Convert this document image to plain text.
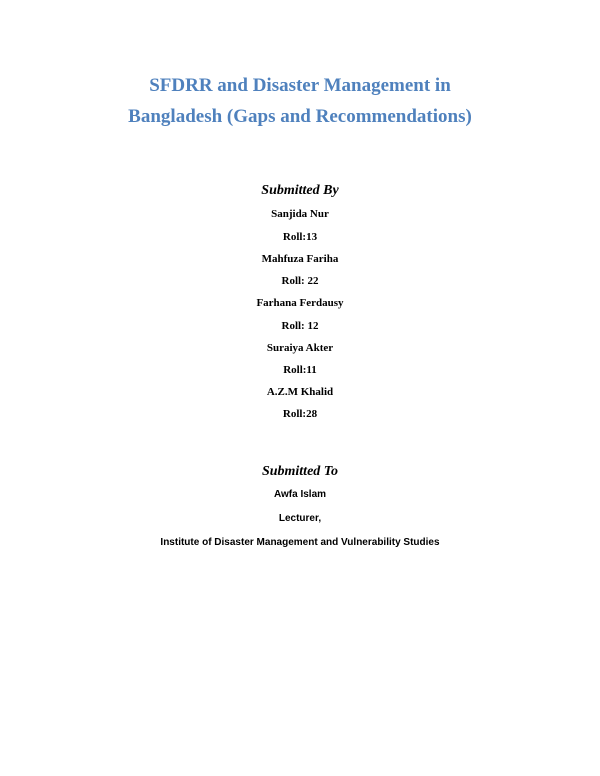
SFDRR and Disaster Management in
Bangladesh (Gaps and Recommendations)
Submitted By
Sanjida Nur
Roll:13
Mahfuza Fariha
Roll: 22
Farhana Ferdausy
Roll: 12
Suraiya Akter
Roll:11
A.Z.M Khalid
Roll:28
Submitted To
Awfa Islam
Lecturer,
Institute of Disaster Management and Vulnerability Studies
